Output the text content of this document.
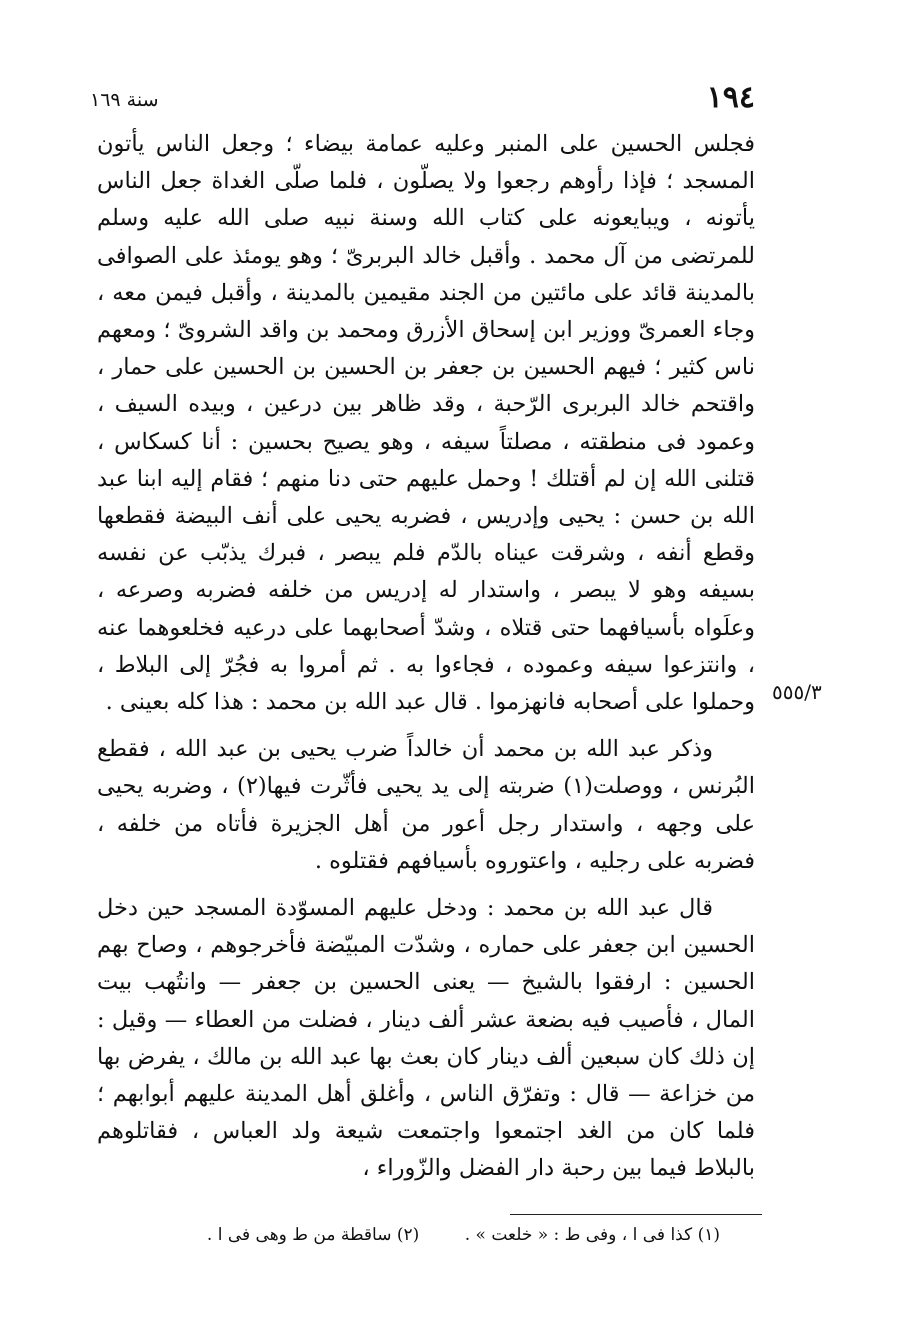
١٩٤
سنة ١٦٩

فجلس الحسين على المنبر وعليه عمامة بيضاء ؛ وجعل الناس يأتون المسجد ؛ فإذا رأوهم رجعوا ولا يصلّون ، فلما صلّى الغداة جعل الناس يأتونه ، ويبايعونه على كتاب الله وسنة نبيه صلى الله عليه وسلم للمرتضى من آل محمد . وأقبل خالد البربرىّ ؛ وهو يومئذ على الصوافى بالمدينة قائد على مائتين من الجند مقيمين بالمدينة ، وأقبل فيمن معه ، وجاء العمرىّ ووزير ابن إسحاق الأزرق ومحمد بن واقد الشروىّ ؛ ومعهم ناس كثير ؛ فيهم الحسين بن جعفر بن الحسين بن الحسين على حمار ، واقتحم خالد البربرى الرّحبة ، وقد ظاهر بين درعين ، وبيده السيف ، وعمود فى منطقته ، مصلتاً سيفه ، وهو يصيح بحسين : أنا كسكاس ، قتلنى الله إن لم أقتلك ! وحمل عليهم حتى دنا منهم ؛ فقام إليه ابنا عبد الله بن حسن : يحيى وإدريس ، فضربه يحيى على أنف البيضة فقطعها وقطع أنفه ، وشرقت عيناه بالدّم فلم يبصر ، فبرك يذبّب عن نفسه بسيفه وهو لا يبصر ، واستدار له إدريس من خلفه فضربه وصرعه ، وعلَواه بأسيافهما حتى قتلاه ، وشدّ أصحابهما على درعيه فخلعوهما عنه ، وانتزعوا سيفه وعموده ، فجاءوا به . ثم أمروا به فجُرّ إلى البلاط ، وحملوا على أصحابه فانهزموا . قال عبد الله بن محمد : هذا كله بعينى .

وذكر عبد الله بن محمد أن خالداً ضرب يحيى بن عبد الله ، فقطع البُرنس ، ووصلت(١) ضربته إلى يد يحيى فأثّرت فيها(٢) ، وضربه يحيى على وجهه ، واستدار رجل أعور من أهل الجزيرة فأتاه من خلفه ، فضربه على رجليه ، واعتوروه بأسيافهم فقتلوه .

قال عبد الله بن محمد : ودخل عليهم المسوّدة المسجد حين دخل الحسين ابن جعفر على حماره ، وشدّت المبيّضة فأخرجوهم ، وصاح بهم الحسين : ارفقوا بالشيخ — يعنى الحسين بن جعفر — وانتُهب بيت المال ، فأصيب فيه بضعة عشر ألف دينار ، فضلت من العطاء — وقيل : إن ذلك كان سبعين ألف دينار كان بعث بها عبد الله بن مالك ، يفرض بها من خزاعة — قال : وتفرّق الناس ، وأغلق أهل المدينة عليهم أبوابهم ؛ فلما كان من الغد اجتمعوا واجتمعت شيعة ولد العباس ، فقاتلوهم بالبلاط فيما بين رحبة دار الفضل والزّوراء ،

٥٥٥/٣
(١) كذا فى ا ، وفى ط : « خلعت » . (٢) ساقطة من ط وهى فى ا .
